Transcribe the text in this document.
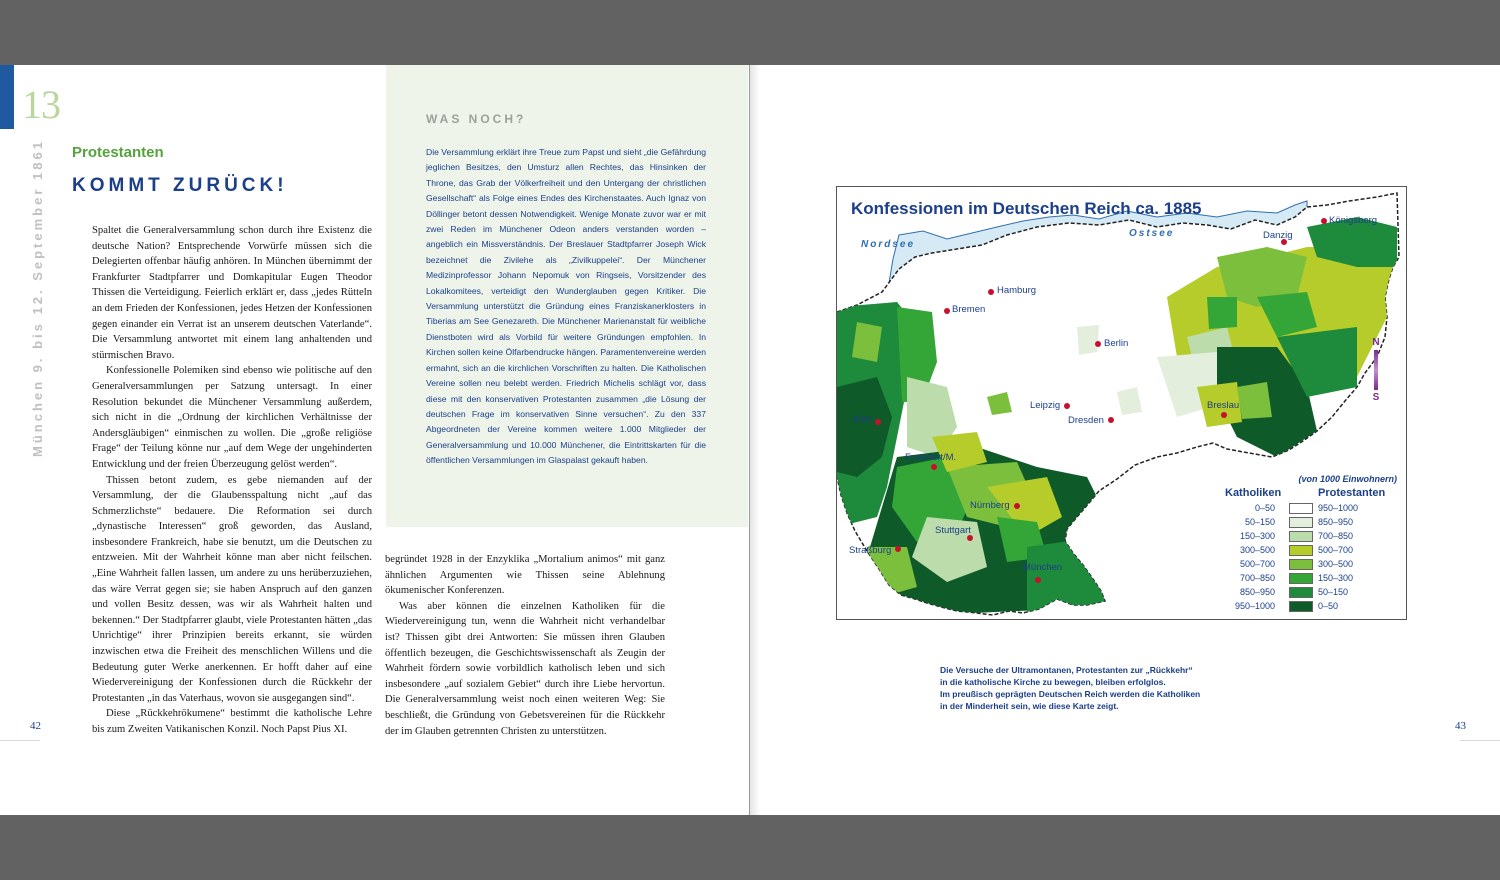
13
München 9. bis 12. September 1861 Protestanten
KOMMT ZURÜCK!

Spaltet die Generalversammlung schon durch ihre Existenz die deutsche Nation? Entsprechende Vorwürfe müssen sich die Delegierten offenbar häufig anhören. In München übernimmt der Frankfurter Stadtpfarrer und Domkapitular Eugen Theodor Thissen die Verteidigung. Feierlich erklärt er, dass „jedes Rütteln an dem Frieden der Konfessionen, jedes Hetzen der Konfessionen gegen einander ein Verrat ist an unserem deutschen Vaterlande“. Die Versammlung antwortet mit einem lang anhaltenden und stürmischen Bravo.

Konfessionelle Polemiken sind ebenso wie politische auf den Generalversammlungen per Satzung untersagt. In einer Resolution bekundet die Münchener Versammlung außerdem, sich nicht in die „Ordnung der kirchlichen Verhältnisse der Andersgläubigen“ einmischen zu wollen. Die „große religiöse Frage“ der Teilung könne nur „auf dem Wege der ungehinderten Entwicklung und der freien Überzeugung gelöst werden“.

Thissen betont zudem, es gebe niemanden auf der Versammlung, der die Glaubensspaltung nicht „auf das Schmerzlichste“ bedauere. Die Reformation sei durch „dynastische Interessen“ groß geworden, das Ausland, insbesondere Frankreich, habe sie benutzt, um die Deutschen zu entzweien. Mit der Wahrheit könne man aber nicht feilschen. „Eine Wahrheit fallen lassen, um andere zu uns herüberzuziehen, das wäre Verrat gegen sie; sie haben Anspruch auf den ganzen und vollen Besitz dessen, was wir als Wahrheit halten und bekennen.“ Der Stadtpfarrer glaubt, viele Protestanten hätten „das Unrichtige“ ihrer Prinzipien bereits erkannt, sie würden inzwischen etwa die Freiheit des menschlichen Willens und die Bedeutung guter Werke anerkennen. Er hofft daher auf eine Wiedervereinigung der Konfessionen durch die Rückkehr der Protestanten „in das Vaterhaus, wovon sie ausgegangen sind“.

Diese „Rückkehrökumene“ bestimmt die katholische Lehre bis zum Zweiten Vatikanischen Konzil. Noch Papst Pius XI.

WAS NOCH?
Die Versammlung erklärt ihre Treue zum Papst und sieht „die Gefährdung jeglichen Besitzes, den Umsturz allen Rechtes, das Hinsinken der Throne, das Grab der Völkerfreiheit und den Untergang der christlichen Gesellschaft“ als Folge eines Endes des Kirchenstaates. Auch Ignaz von Döllinger betont dessen Notwendigkeit. Wenige Monate zuvor war er mit zwei Reden im Münchener Odeon anders verstanden worden – angeblich ein Missverständnis. Der Breslauer Stadtpfarrer Joseph Wick bezeichnet die Zivilehe als „Zivilkuppelei“. Der Münchener Medizinprofessor Johann Nepomuk von Ringseis, Vorsitzender des Lokalkomitees, verteidigt den Wunderglauben gegen Kritiker. Die Versammlung unterstützt die Gründung eines Franziskanerklosters in Tiberias am See Genezareth. Die Münchener Marienanstalt für weibliche Dienstboten wird als Vorbild für weitere Gründungen empfohlen. In Kirchen sollen keine Ölfarbendrucke hängen. Paramentenvereine werden ermahnt, sich an die kirchlichen Vorschriften zu halten. Die Katholischen Vereine sollen neu belebt werden. Friedrich Michelis schlägt vor, dass diese mit den konservativen Protestanten zusammen „die Lösung der deutschen Frage im konservativen Sinne versuchen“. Zu den 337 Abgeordneten der Vereine kommen weitere 1.000 Mitglieder der Generalversammlung und 10.000 Münchener, die Eintrittskarten für die öffentlichen Versammlungen im Glaspalast gekauft haben.

begründet 1928 in der Enzyklika „Mortalium animos“ mit ganz ähnlichen Argumenten wie Thissen seine Ablehnung ökumenischer Konferenzen.

Was aber können die einzelnen Katholiken für die Wiedervereinigung tun, wenn die Wahrheit nicht verhandelbar ist? Thissen gibt drei Antworten: Sie müssen ihren Glauben öffentlich bezeugen, die Geschichtswissenschaft als Zeugin der Wahrheit fördern sowie vorbildlich katholisch leben und sich insbesondere „auf sozialem Gebiet“ durch ihre Liebe hervortun. Die Generalversammlung weist noch einen weiteren Weg: Sie beschließt, die Gründung von Gebetsvereinen für die Rückkehr der im Glauben getrennten Christen zu unterstützen.

42
Konfessionen im Deutschen Reich ca. 1885
Nordsee
Ostsee
Königsberg
Danzig
Hamburg
Bremen
Berlin
Leipzig
Dresden
Breslau
Köln
Frankfurt/M.
Nürnberg
Stuttgart
Straßburg
München
N
S
(von 1000 Einwohnern)
Katholiken	Protestanten
0–50	950–1000
50–150	850–950
150–300	700–850
300–500	500–700
500–700	300–500
700–850	150–300
850–950	50–150
950–1000	0–50
Die Versuche der Ultramontanen, Protestanten zur „Rückkehr“
in die katholische Kirche zu bewegen, bleiben erfolglos.
Im preußisch geprägten Deutschen Reich werden die Katholiken
in der Minderheit sein, wie diese Karte zeigt.
43
